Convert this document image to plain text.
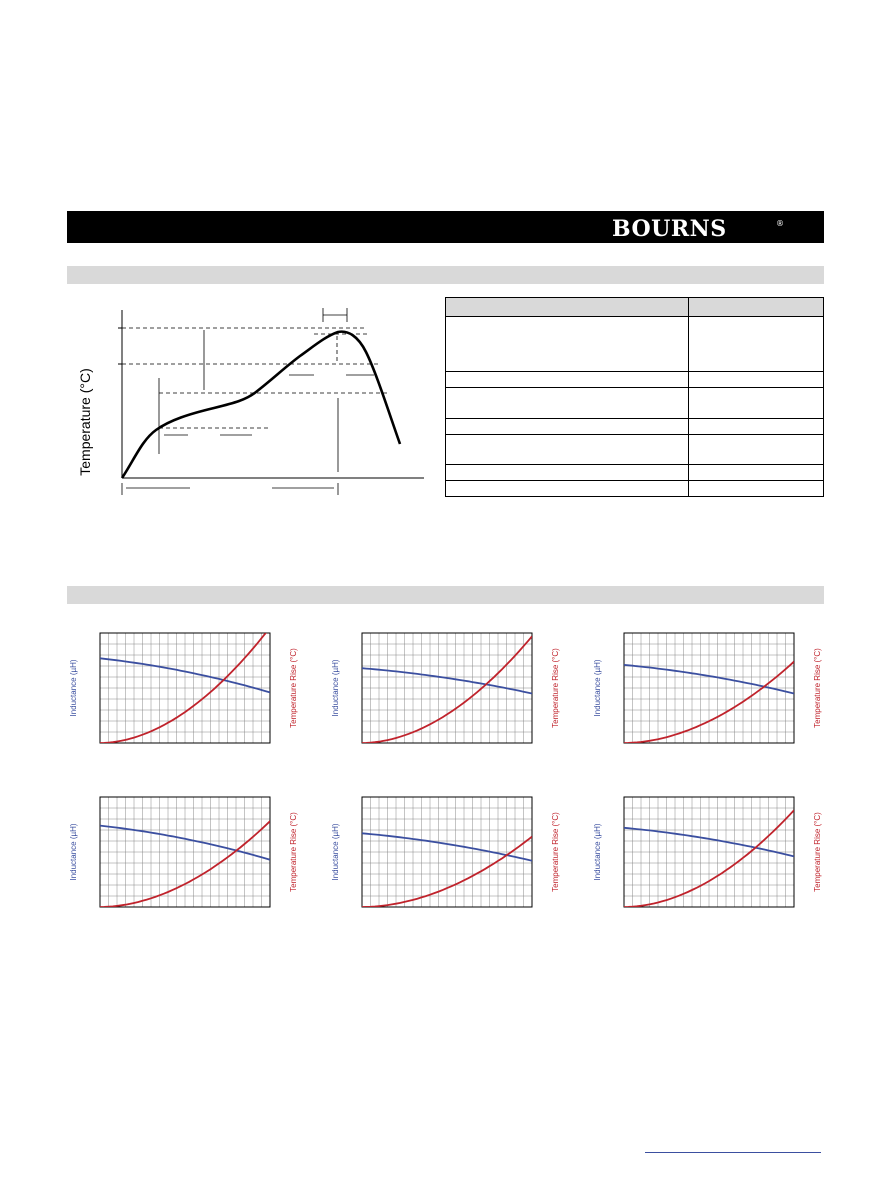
BOURNS	®
Temperature (°C)

Inductance (µH)	Temperature Rise (°C)	Inductance (µH)	Temperature Rise (°C)	Inductance (µH)	Temperature Rise (°C)
Inductance (µH)	Temperature Rise (°C)	Inductance (µH)	Temperature Rise (°C)	Inductance (µH)	Temperature Rise (°C)
